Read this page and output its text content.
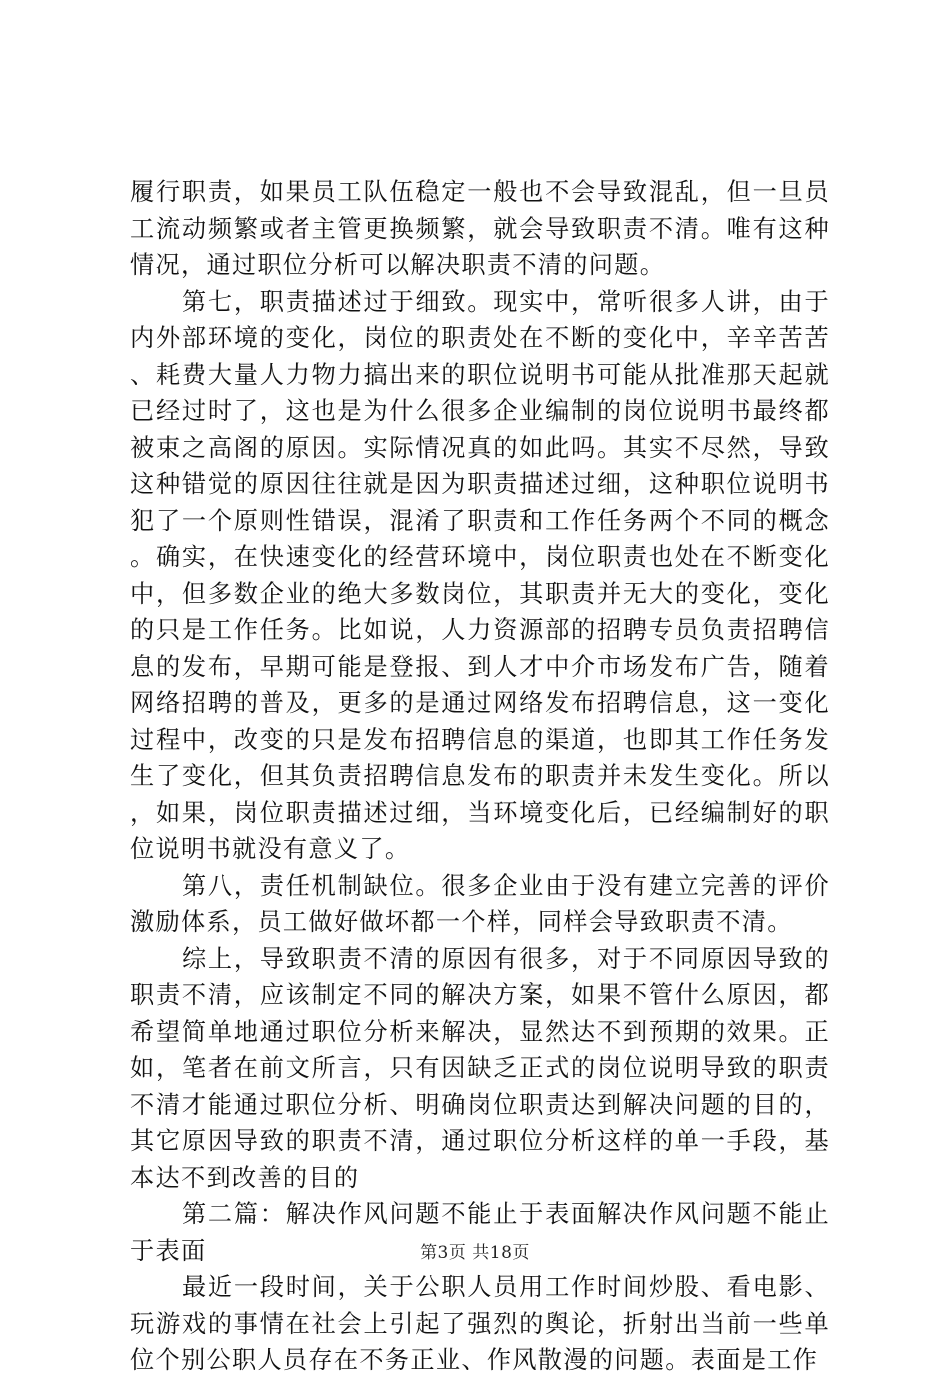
履行职责，如果员工队伍稳定一般也不会导致混乱，但一旦员工流动频繁或者主管更换频繁，就会导致职责不清。唯有这种情况，通过职位分析可以解决职责不清的问题。

第七，职责描述过于细致。现实中，常听很多人讲，由于内外部环境的变化，岗位的职责处在不断的变化中，辛辛苦苦、耗费大量人力物力搞出来的职位说明书可能从批准那天起就已经过时了，这也是为什么很多企业编制的岗位说明书最终都被束之高阁的原因。实际情况真的如此吗。其实不尽然，导致这种错觉的原因往往就是因为职责描述过细，这种职位说明书犯了一个原则性错误，混淆了职责和工作任务两个不同的概念。确实，在快速变化的经营环境中，岗位职责也处在不断变化中，但多数企业的绝大多数岗位，其职责并无大的变化，变化的只是工作任务。比如说，人力资源部的招聘专员负责招聘信息的发布，早期可能是登报、到人才中介市场发布广告，随着网络招聘的普及，更多的是通过网络发布招聘信息，这一变化过程中，改变的只是发布招聘信息的渠道，也即其工作任务发生了变化，但其负责招聘信息发布的职责并未发生变化。所以，如果，岗位职责描述过细，当环境变化后，已经编制好的职位说明书就没有意义了。

第八，责任机制缺位。很多企业由于没有建立完善的评价激励体系，员工做好做坏都一个样，同样会导致职责不清。

综上，导致职责不清的原因有很多，对于不同原因导致的职责不清，应该制定不同的解决方案，如果不管什么原因，都希望简单地通过职位分析来解决，显然达不到预期的效果。正如，笔者在前文所言，只有因缺乏正式的岗位说明导致的职责不清才能通过职位分析、明确岗位职责达到解决问题的目的，其它原因导致的职责不清，通过职位分析这样的单一手段，基本达不到改善的目的

第二篇：解决作风问题不能止于表面解决作风问题不能止于表面

最近一段时间，关于公职人员用工作时间炒股、看电影、玩游戏的事情在社会上引起了强烈的舆论，折射出当前一些单位个别公职人员存在不务正业、作风散漫的问题。表面是工作

第3页 共18页
